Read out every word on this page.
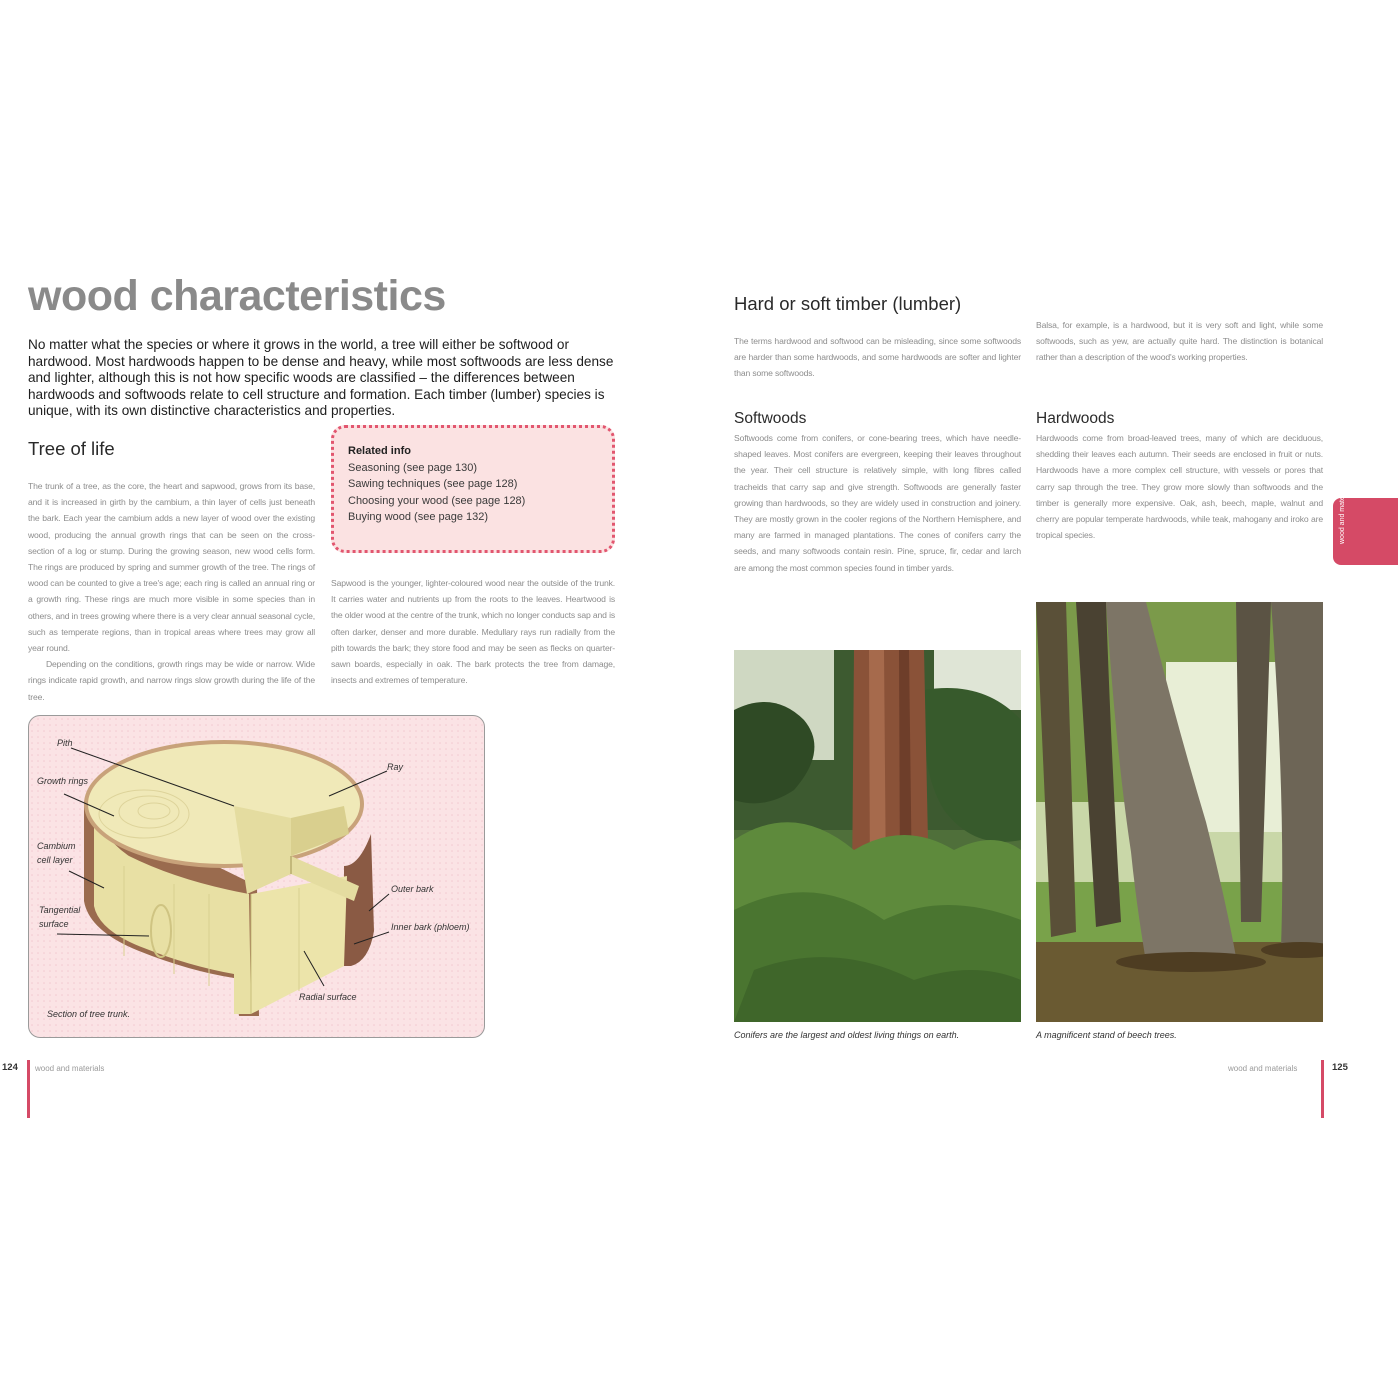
wood characteristics
No matter what the species or where it grows in the world, a tree will either be softwood or hardwood. Most hardwoods happen to be dense and heavy, while most softwoods are less dense and lighter, although this is not how specific woods are classified – the differences between hardwoods and softwoods relate to cell structure and formation. Each timber (lumber) species is unique, with its own distinctive characteristics and properties.
Tree of life

The trunk of a tree, as the core, the heart and sapwood, grows from its base, and it is increased in girth by the cambium, a thin layer of cells just beneath the bark. Each year the cambium adds a new layer of wood over the existing wood, producing the annual growth rings that can be seen on the cross-section of a log or stump. During the growing season, new wood cells form. The rings are produced by spring and summer growth of the tree. The rings of wood can be counted to give a tree's age; each ring is called an annual ring or a growth ring. These rings are much more visible in some species than in others, and in trees growing where there is a very clear annual seasonal cycle, such as temperate regions, than in tropical areas where trees may grow all year round.

Depending on the conditions, growth rings may be wide or narrow. Wide rings indicate rapid growth, and narrow rings slow growth during the life of the tree.

Sapwood is the younger, lighter-coloured wood near the outside of the trunk. It carries water and nutrients up from the roots to the leaves. Heartwood is the older wood at the centre of the trunk, which no longer conducts sap and is often darker, denser and more durable. Medullary rays run radially from the pith towards the bark; they store food and may be seen as flecks on quarter-sawn boards, especially in oak. The bark protects the tree from damage, insects and extremes of temperature.

Related info
Seasoning (see page 130)
Sawing techniques (see page 128)
Choosing your wood (see page 128)
Buying wood (see page 132)
Pith
Growth rings
Ray
Cambium cell layer
Tangential surface
Outer bark
Inner bark (phloem)
Radial surface
Section of tree trunk.
124 wood and materials
Hard or soft timber (lumber)
The terms hardwood and softwood can be misleading, since some softwoods are harder than some hardwoods, and some hardwoods are softer and lighter than some softwoods.
Balsa, for example, is a hardwood, but it is very soft and light, while some softwoods, such as yew, are actually quite hard. The distinction is botanical rather than a description of the wood's working properties.
Softwoods
Softwoods come from conifers, or cone-bearing trees, which have needle-shaped leaves. Most conifers are evergreen, keeping their leaves throughout the year. Their cell structure is relatively simple, with long fibres called tracheids that carry sap and give strength. Softwoods are generally faster growing than hardwoods, so they are widely used in construction and joinery. They are mostly grown in the cooler regions of the Northern Hemisphere, and many are farmed in managed plantations. The cones of conifers carry the seeds, and many softwoods contain resin. Pine, spruce, fir, cedar and larch are among the most common species found in timber yards.
Hardwoods
Hardwoods come from broad-leaved trees, many of which are deciduous, shedding their leaves each autumn. Their seeds are enclosed in fruit or nuts. Hardwoods have a more complex cell structure, with vessels or pores that carry sap through the tree. They grow more slowly than softwoods and the timber is generally more expensive. Oak, ash, beech, maple, walnut and cherry are popular temperate hardwoods, while teak, mahogany and iroko are tropical species.
Conifers are the largest and oldest living things on earth.	A magnificent stand of beech trees.
wood and materials
wood and materials	125
